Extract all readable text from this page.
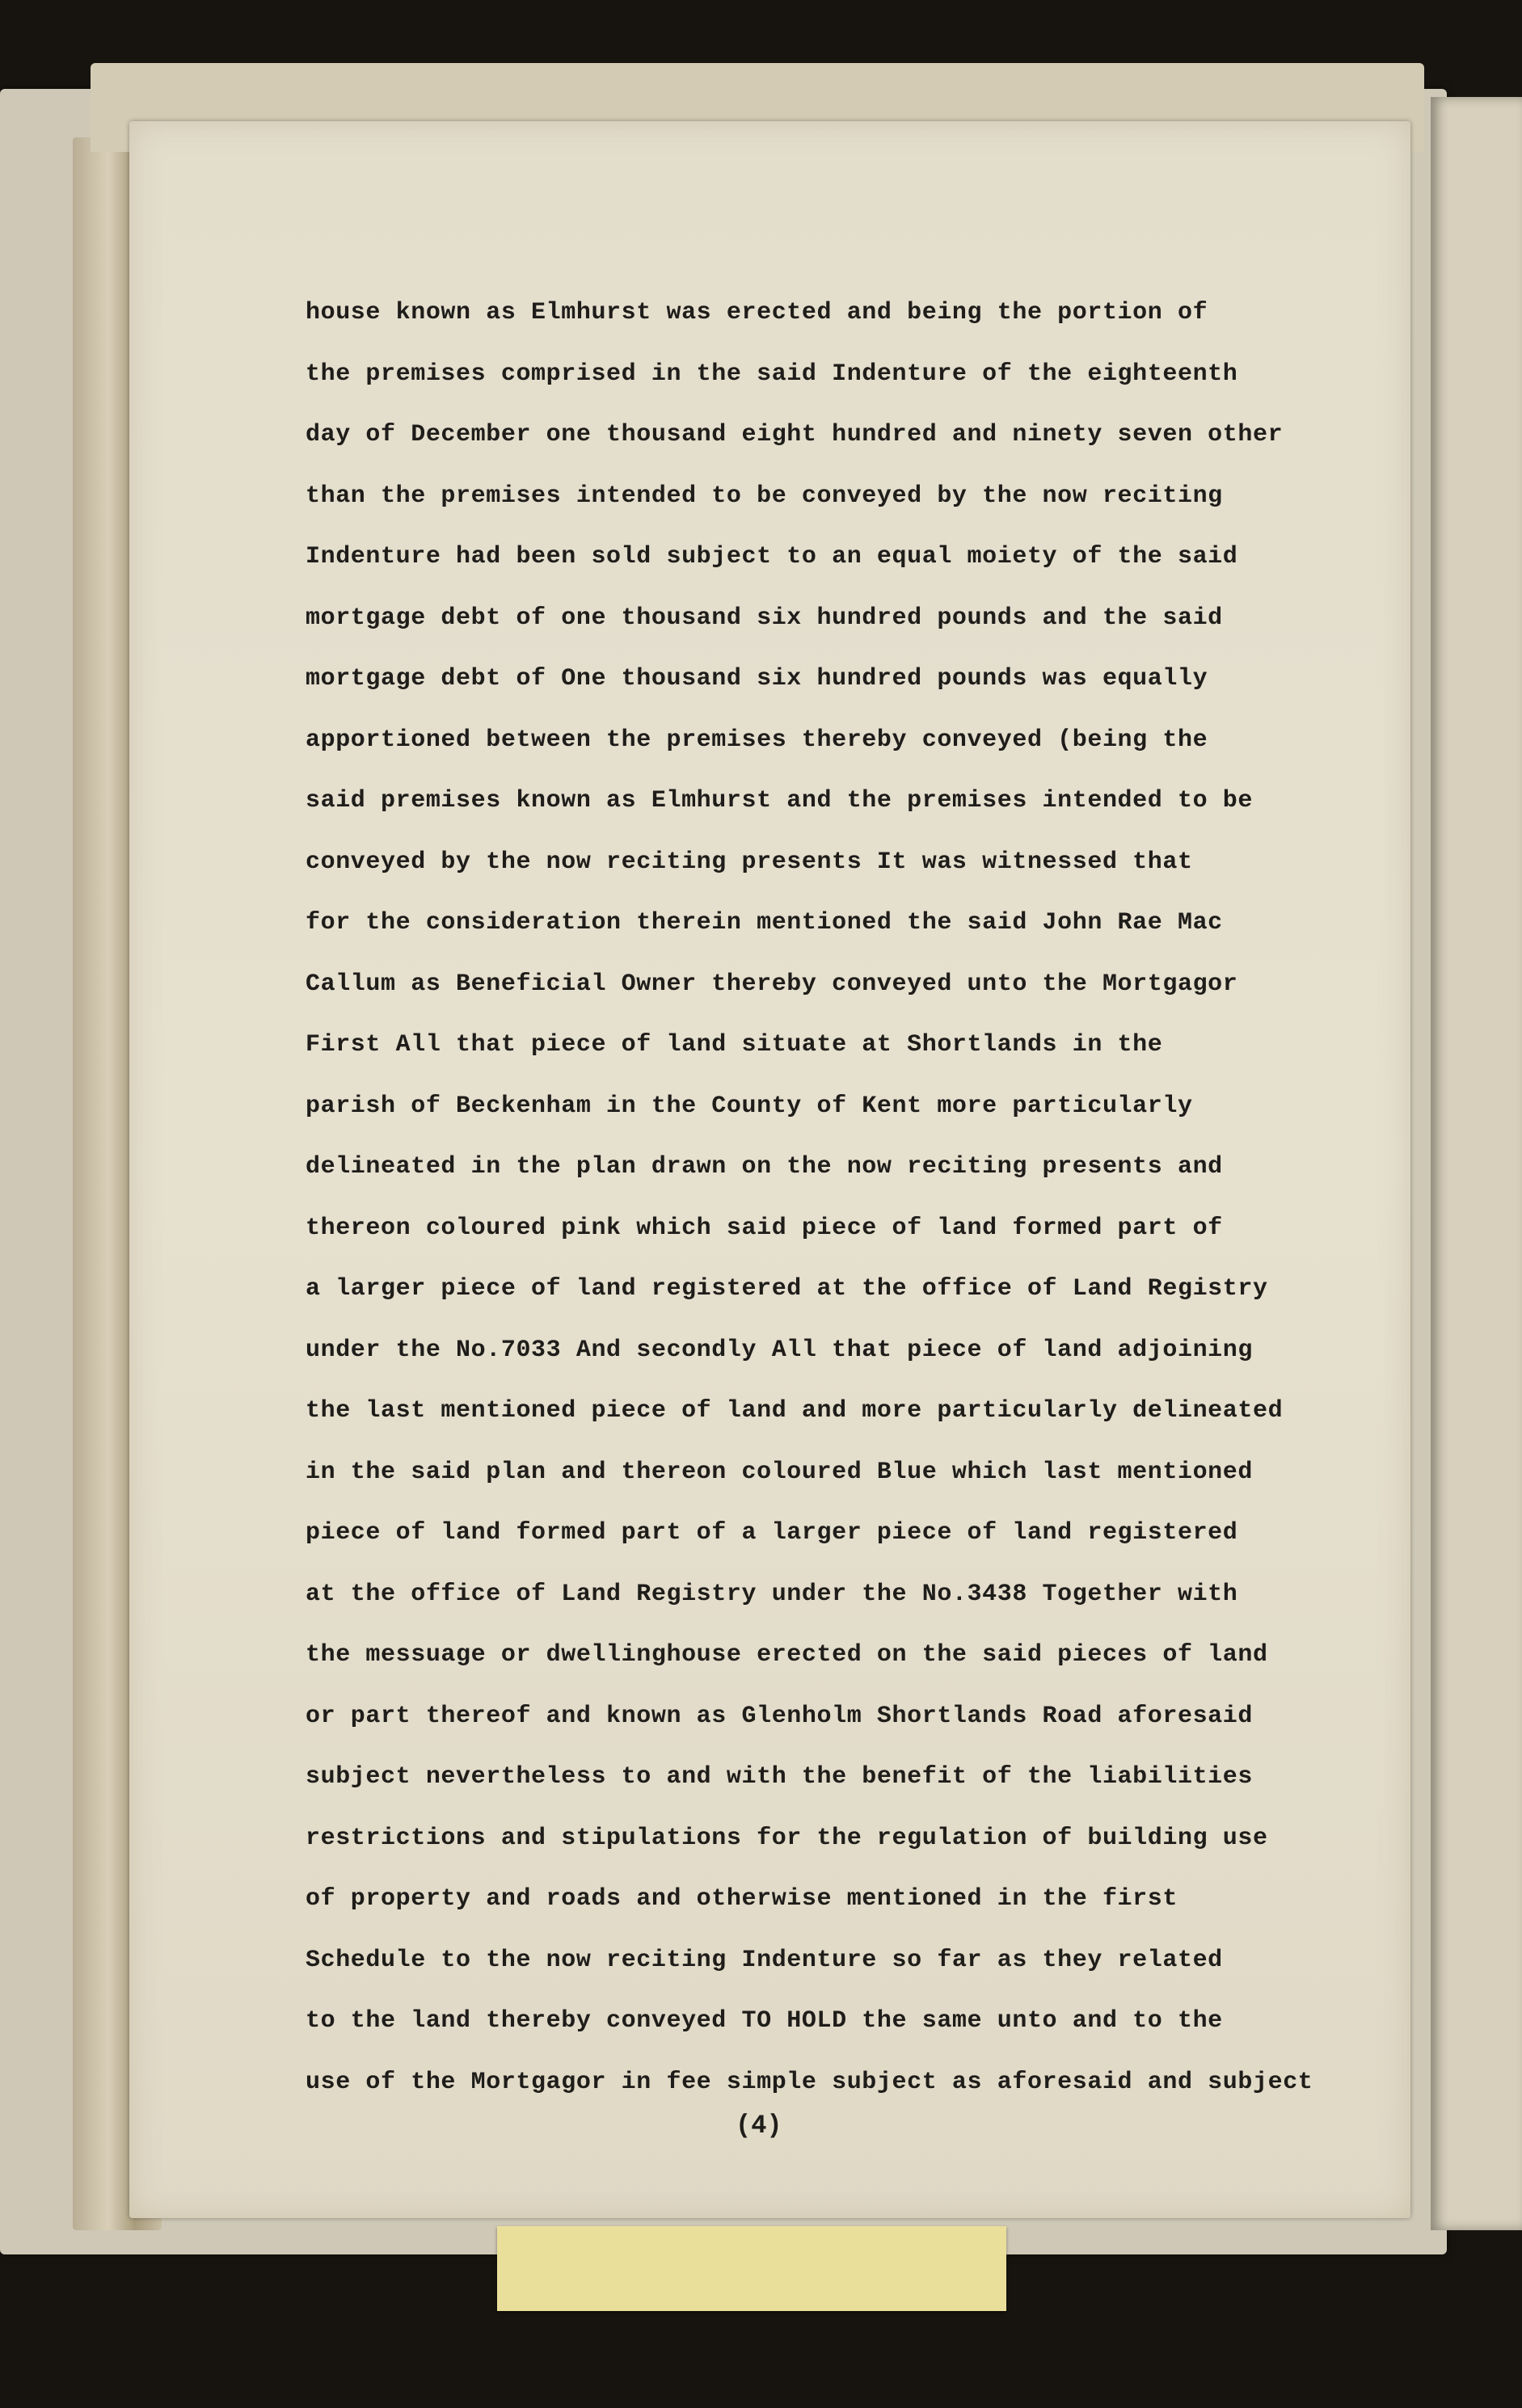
house known as Elmhurst was erected and being the portion of
the premises comprised in the said Indenture of the eighteenth
day of December one thousand eight hundred and ninety seven other
than the premises intended to be conveyed by the now reciting
Indenture had been sold subject to an equal moiety of the said
mortgage debt of one thousand six hundred pounds and the said
mortgage debt of One thousand six hundred pounds was equally
apportioned between the premises thereby conveyed (being the
said premises known as Elmhurst and the premises intended to be
conveyed by the now reciting presents It was witnessed that
for the consideration therein mentioned the said John Rae Mac
Callum as Beneficial Owner thereby conveyed unto the Mortgagor
First All that piece of land situate at Shortlands in the
parish of Beckenham in the County of Kent more particularly
delineated in the plan drawn on the now reciting presents and
thereon coloured pink which said piece of land formed part of
a larger piece of land registered at the office of Land Registry
under the No.7033 And secondly All that piece of land adjoining
the last mentioned piece of land and more particularly delineated
in the said plan and thereon coloured Blue which last mentioned
piece of land formed part of a larger piece of land registered
at the office of Land Registry under the No.3438 Together with
the messuage or dwellinghouse erected on the said pieces of land
or part thereof and known as Glenholm Shortlands Road aforesaid
subject nevertheless to and with the benefit of the liabilities
restrictions and stipulations for the regulation of building use
of property and roads and otherwise mentioned in the first
Schedule to the now reciting Indenture so far as they related
to the land thereby conveyed TO HOLD the same unto and to the
use of the Mortgagor in fee simple subject as aforesaid and subject
(4)
